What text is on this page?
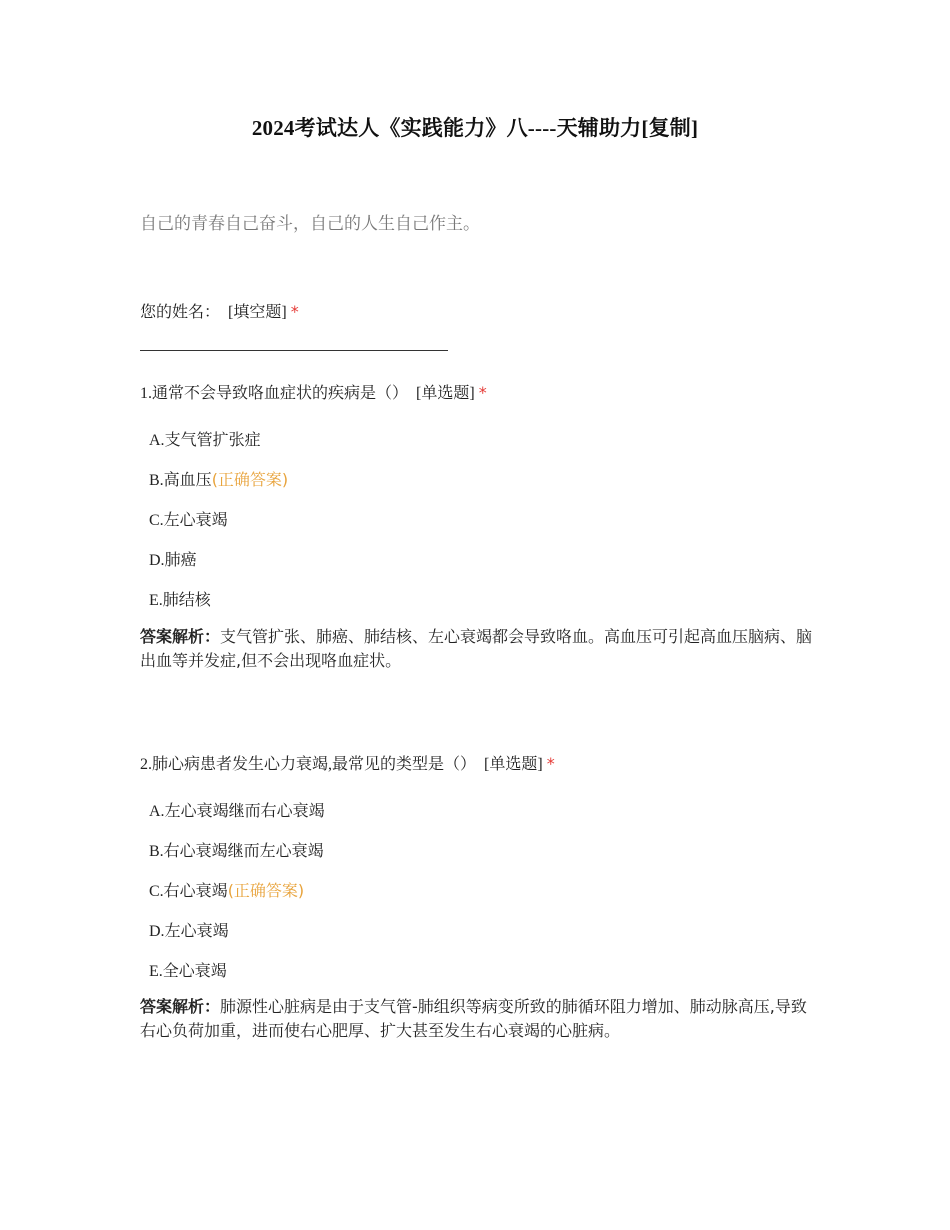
2024考试达人《实践能力》八----天辅助力[复制]
自己的青春自己奋斗，自己的人生自己作主。
您的姓名： [填空题] *
1.通常不会导致咯血症状的疾病是（） [单选题] *
A.支气管扩张症
B.高血压(正确答案)
C.左心衰竭
D.肺癌
E.肺结核
答案解析：支气管扩张、肺癌、肺结核、左心衰竭都会导致咯血。高血压可引起高血压脑病、脑出血等并发症,但不会出现咯血症状。
2.肺心病患者发生心力衰竭,最常见的类型是（） [单选题] *
A.左心衰竭继而右心衰竭
B.右心衰竭继而左心衰竭
C.右心衰竭(正确答案)
D.左心衰竭
E.全心衰竭
答案解析：肺源性心脏病是由于支气管-肺组织等病变所致的肺循环阻力增加、肺动脉高压,导致右心负荷加重，进而使右心肥厚、扩大甚至发生右心衰竭的心脏病。
